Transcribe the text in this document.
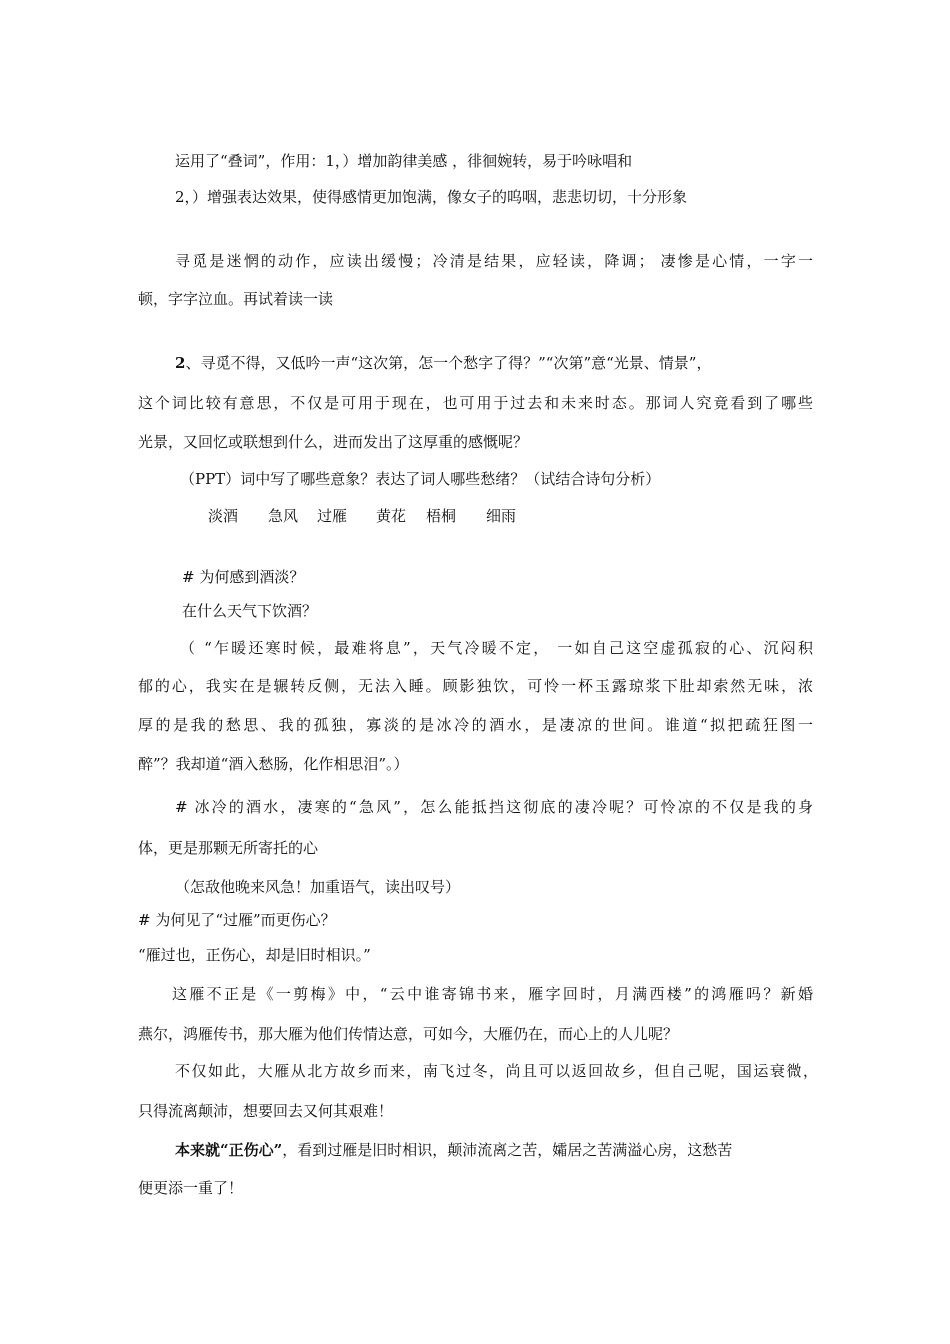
运用了“叠词”，作用：1，）增加韵律美感 ，徘徊婉转，易于吟咏唱和

2，）增强表达效果，使得感情更加饱满，像女子的呜咽，悲悲切切，十分形象

寻觅是迷惘的动作，应读出缓慢；冷清是结果，应轻读，降调； 凄惨是心情，一字一

顿，字字泣血。再试着读一读

2、寻觅不得，又低吟一声“这次第，怎一个愁字了得？”“次第”意“光景、情景”，

这个词比较有意思，不仅是可用于现在，也可用于过去和未来时态。那词人究竟看到了哪些

光景，又回忆或联想到什么，进而发出了这厚重的感慨呢？

（PPT）词中写了哪些意象？表达了词人哪些愁绪？（试结合诗句分析）

淡酒 急风 过雁 黄花 梧桐 细雨

# 为何感到酒淡？

在什么天气下饮酒？

（ “乍暖还寒时候，最难将息”，天气冷暖不定， 一如自己这空虚孤寂的心、沉闷积

郁的心，我实在是辗转反侧，无法入睡。顾影独饮，可怜一杯玉露琼浆下肚却索然无味，浓

厚的是我的愁思、我的孤独，寡淡的是冰冷的酒水，是凄凉的世间。谁道“拟把疏狂图一

醉”？我却道“酒入愁肠，化作相思泪”。）

# 冰冷的酒水，凄寒的“急风”，怎么能抵挡这彻底的凄冷呢？可怜凉的不仅是我的身

体，更是那颗无所寄托的心

（怎敌他晚来风急！加重语气，读出叹号）

# 为何见了“过雁”而更伤心？

“雁过也，正伤心，却是旧时相识。”

这雁不正是《一剪梅》中，“云中谁寄锦书来，雁字回时，月满西楼”的鸿雁吗？新婚

燕尔，鸿雁传书，那大雁为他们传情达意，可如今，大雁仍在，而心上的人儿呢？

不仅如此，大雁从北方故乡而来，南飞过冬，尚且可以返回故乡，但自己呢，国运衰微，

只得流离颠沛，想要回去又何其艰难！

本来就“正伤心”，看到过雁是旧时相识，颠沛流离之苦，孀居之苦满溢心房，这愁苦

便更添一重了！
